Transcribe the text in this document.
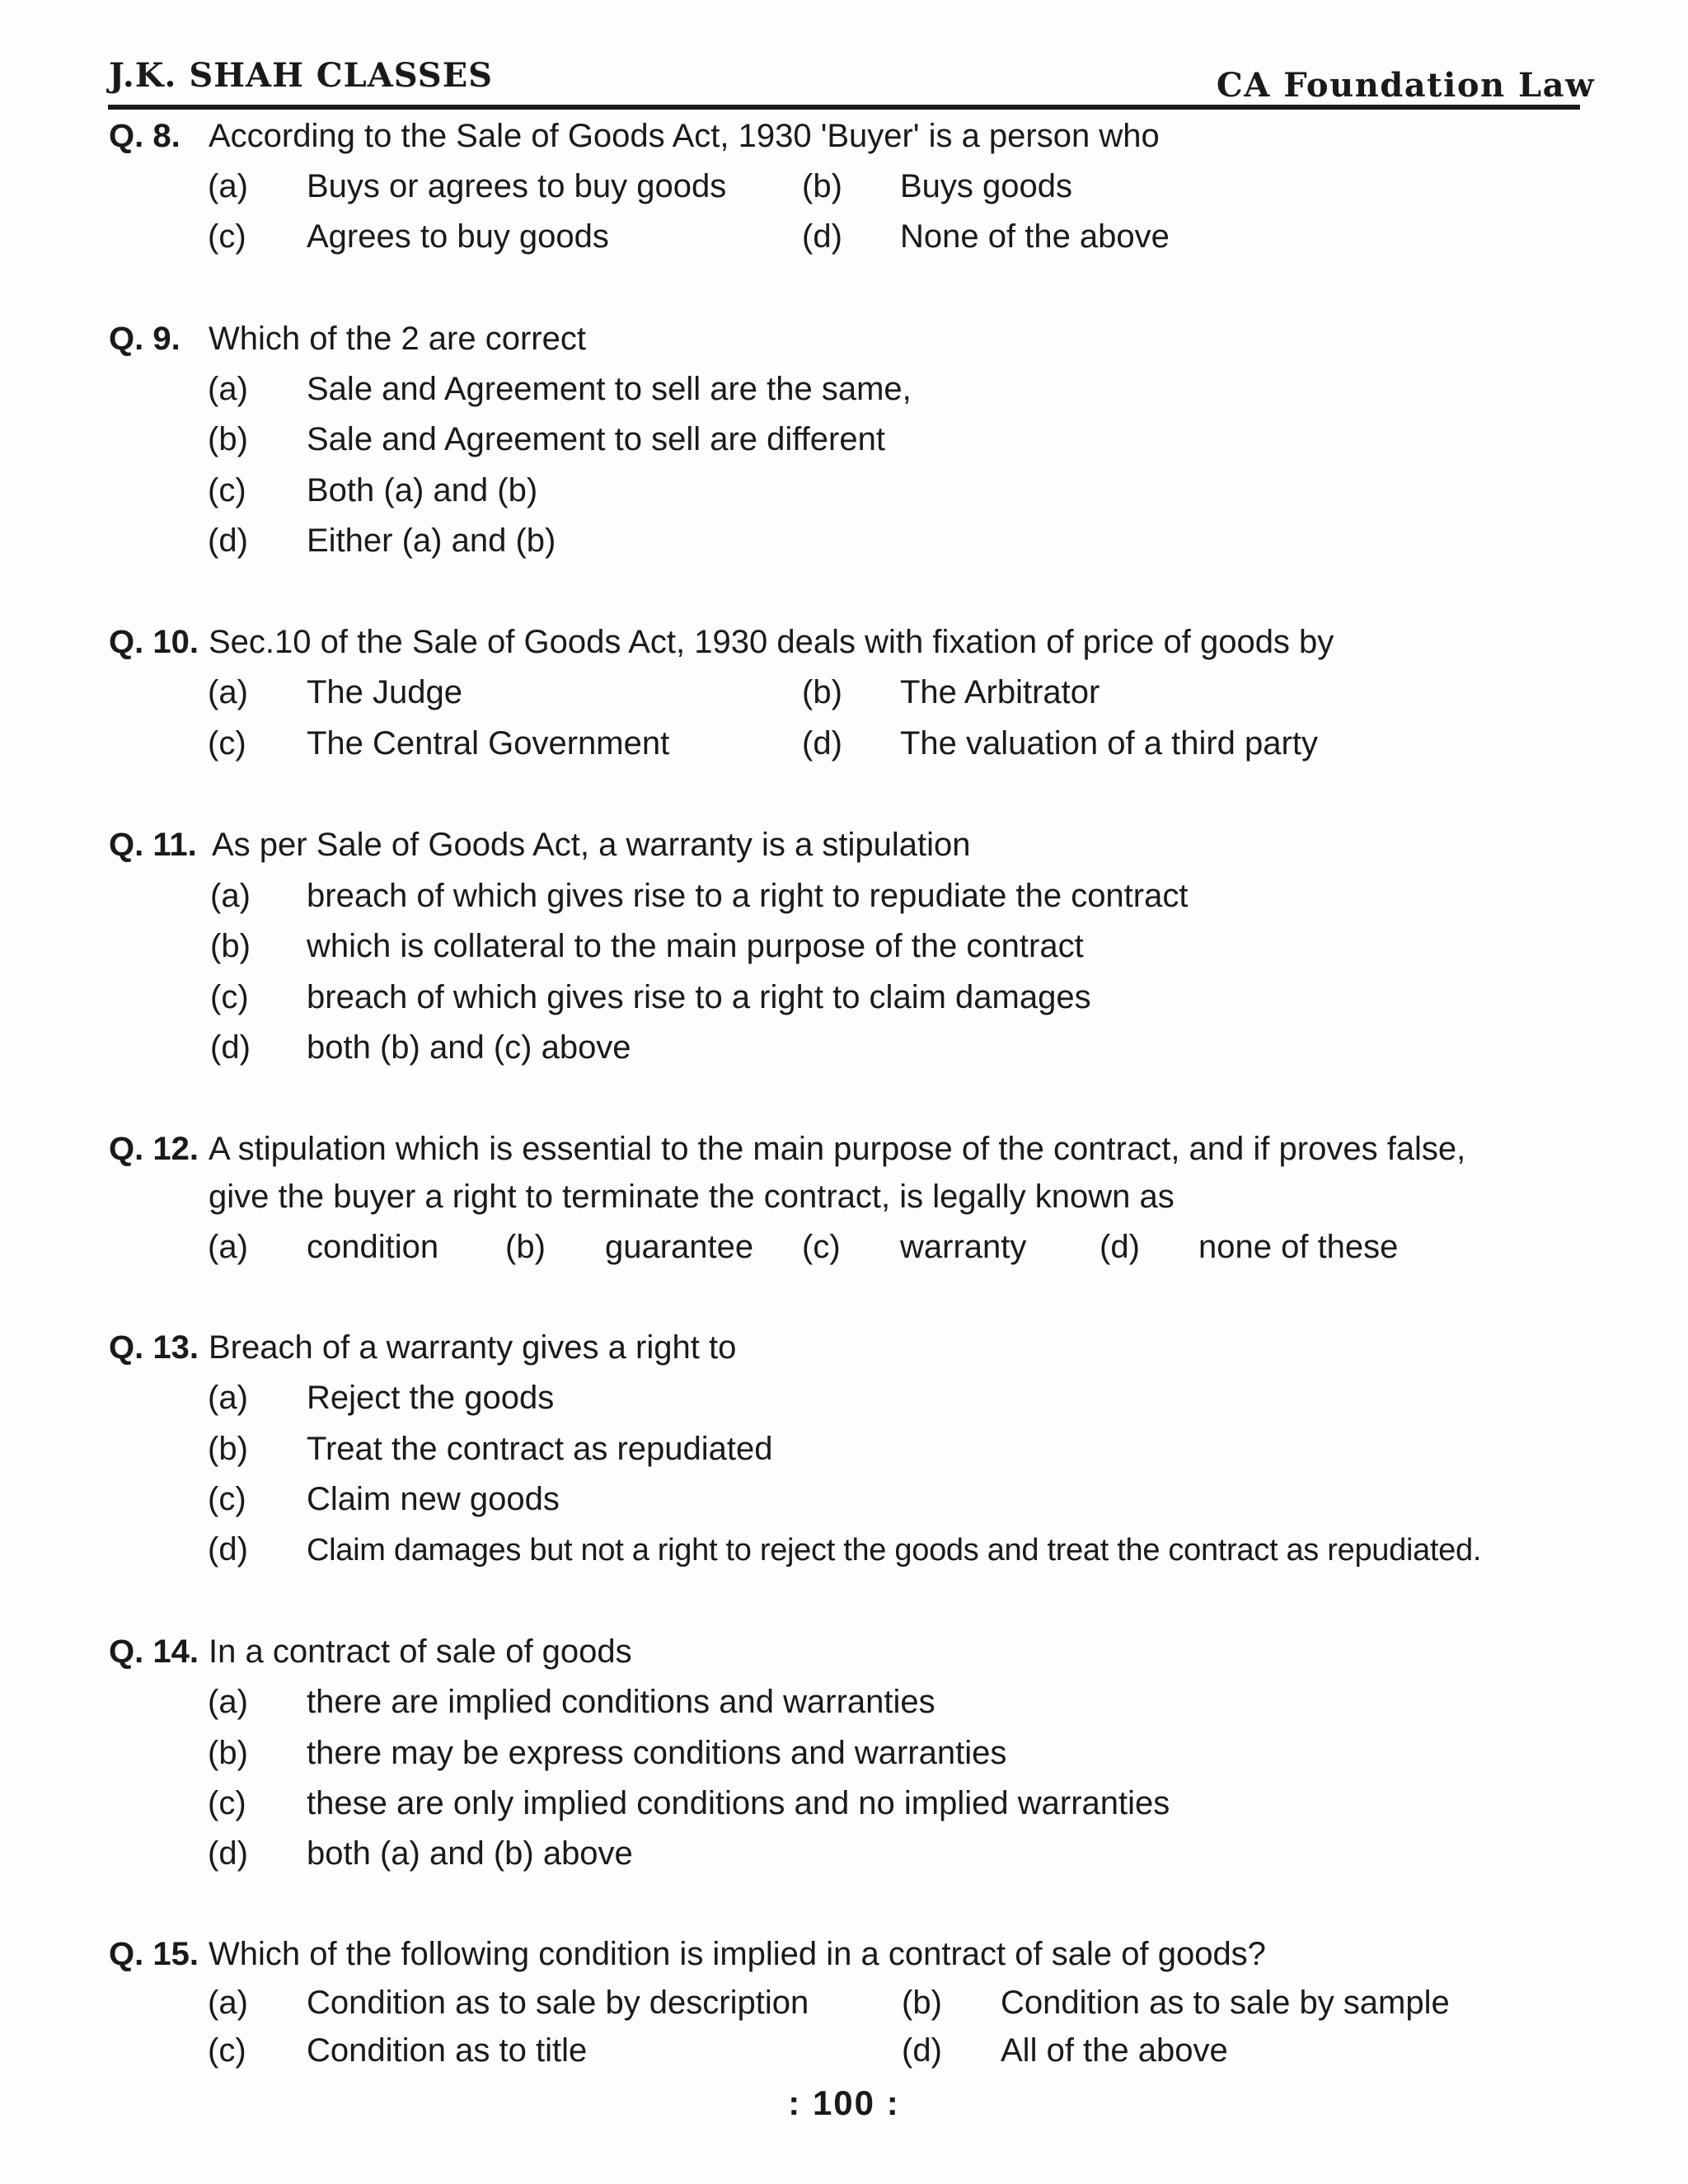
J.K. SHAH CLASSES	CA Foundation Law
Q. 8. According to the Sale of Goods Act, 1930 'Buyer' is a person who
(a) Buys or agrees to buy goods (b) Buys goods
(c) Agrees to buy goods	(d) None of the above
Q. 9. Which of the 2 are correct
(a) Sale and Agreement to sell are the same,
(b) Sale and Agreement to sell are different
(c) Both (a) and (b)
(d) Either (a) and (b)
Q. 10. Sec.10 of the Sale of Goods Act, 1930 deals with fixation of price of goods by
(a) The Judge	(b) The Arbitrator
(c) The Central Government	(d) The valuation of a third party
Q. 11. As per Sale of Goods Act, a warranty is a stipulation
(a) breach of which gives rise to a right to repudiate the contract
(b) which is collateral to the main purpose of the contract
(c) breach of which gives rise to a right to claim damages
(d) both (b) and (c) above
Q. 12. A stipulation which is essential to the main purpose of the contract, and if proves false,
give the buyer a right to terminate the contract, is legally known as
(a) condition (b) guarantee (c) warranty (d) none of these
Q. 13. Breach of a warranty gives a right to
(a) Reject the goods
(b) Treat the contract as repudiated
(c) Claim new goods
(d) Claim damages but not a right to reject the goods and treat the contract as repudiated.
Q. 14. In a contract of sale of goods
(a) there are implied conditions and warranties
(b) there may be express conditions and warranties
(c) these are only implied conditions and no implied warranties
(d) both (a) and (b) above
Q. 15. Which of the following condition is implied in a contract of sale of goods?
(a) Condition as to sale by description	(b) Condition as to sale by sample
(c) Condition as to title	(d) All of the above
: 100 :
